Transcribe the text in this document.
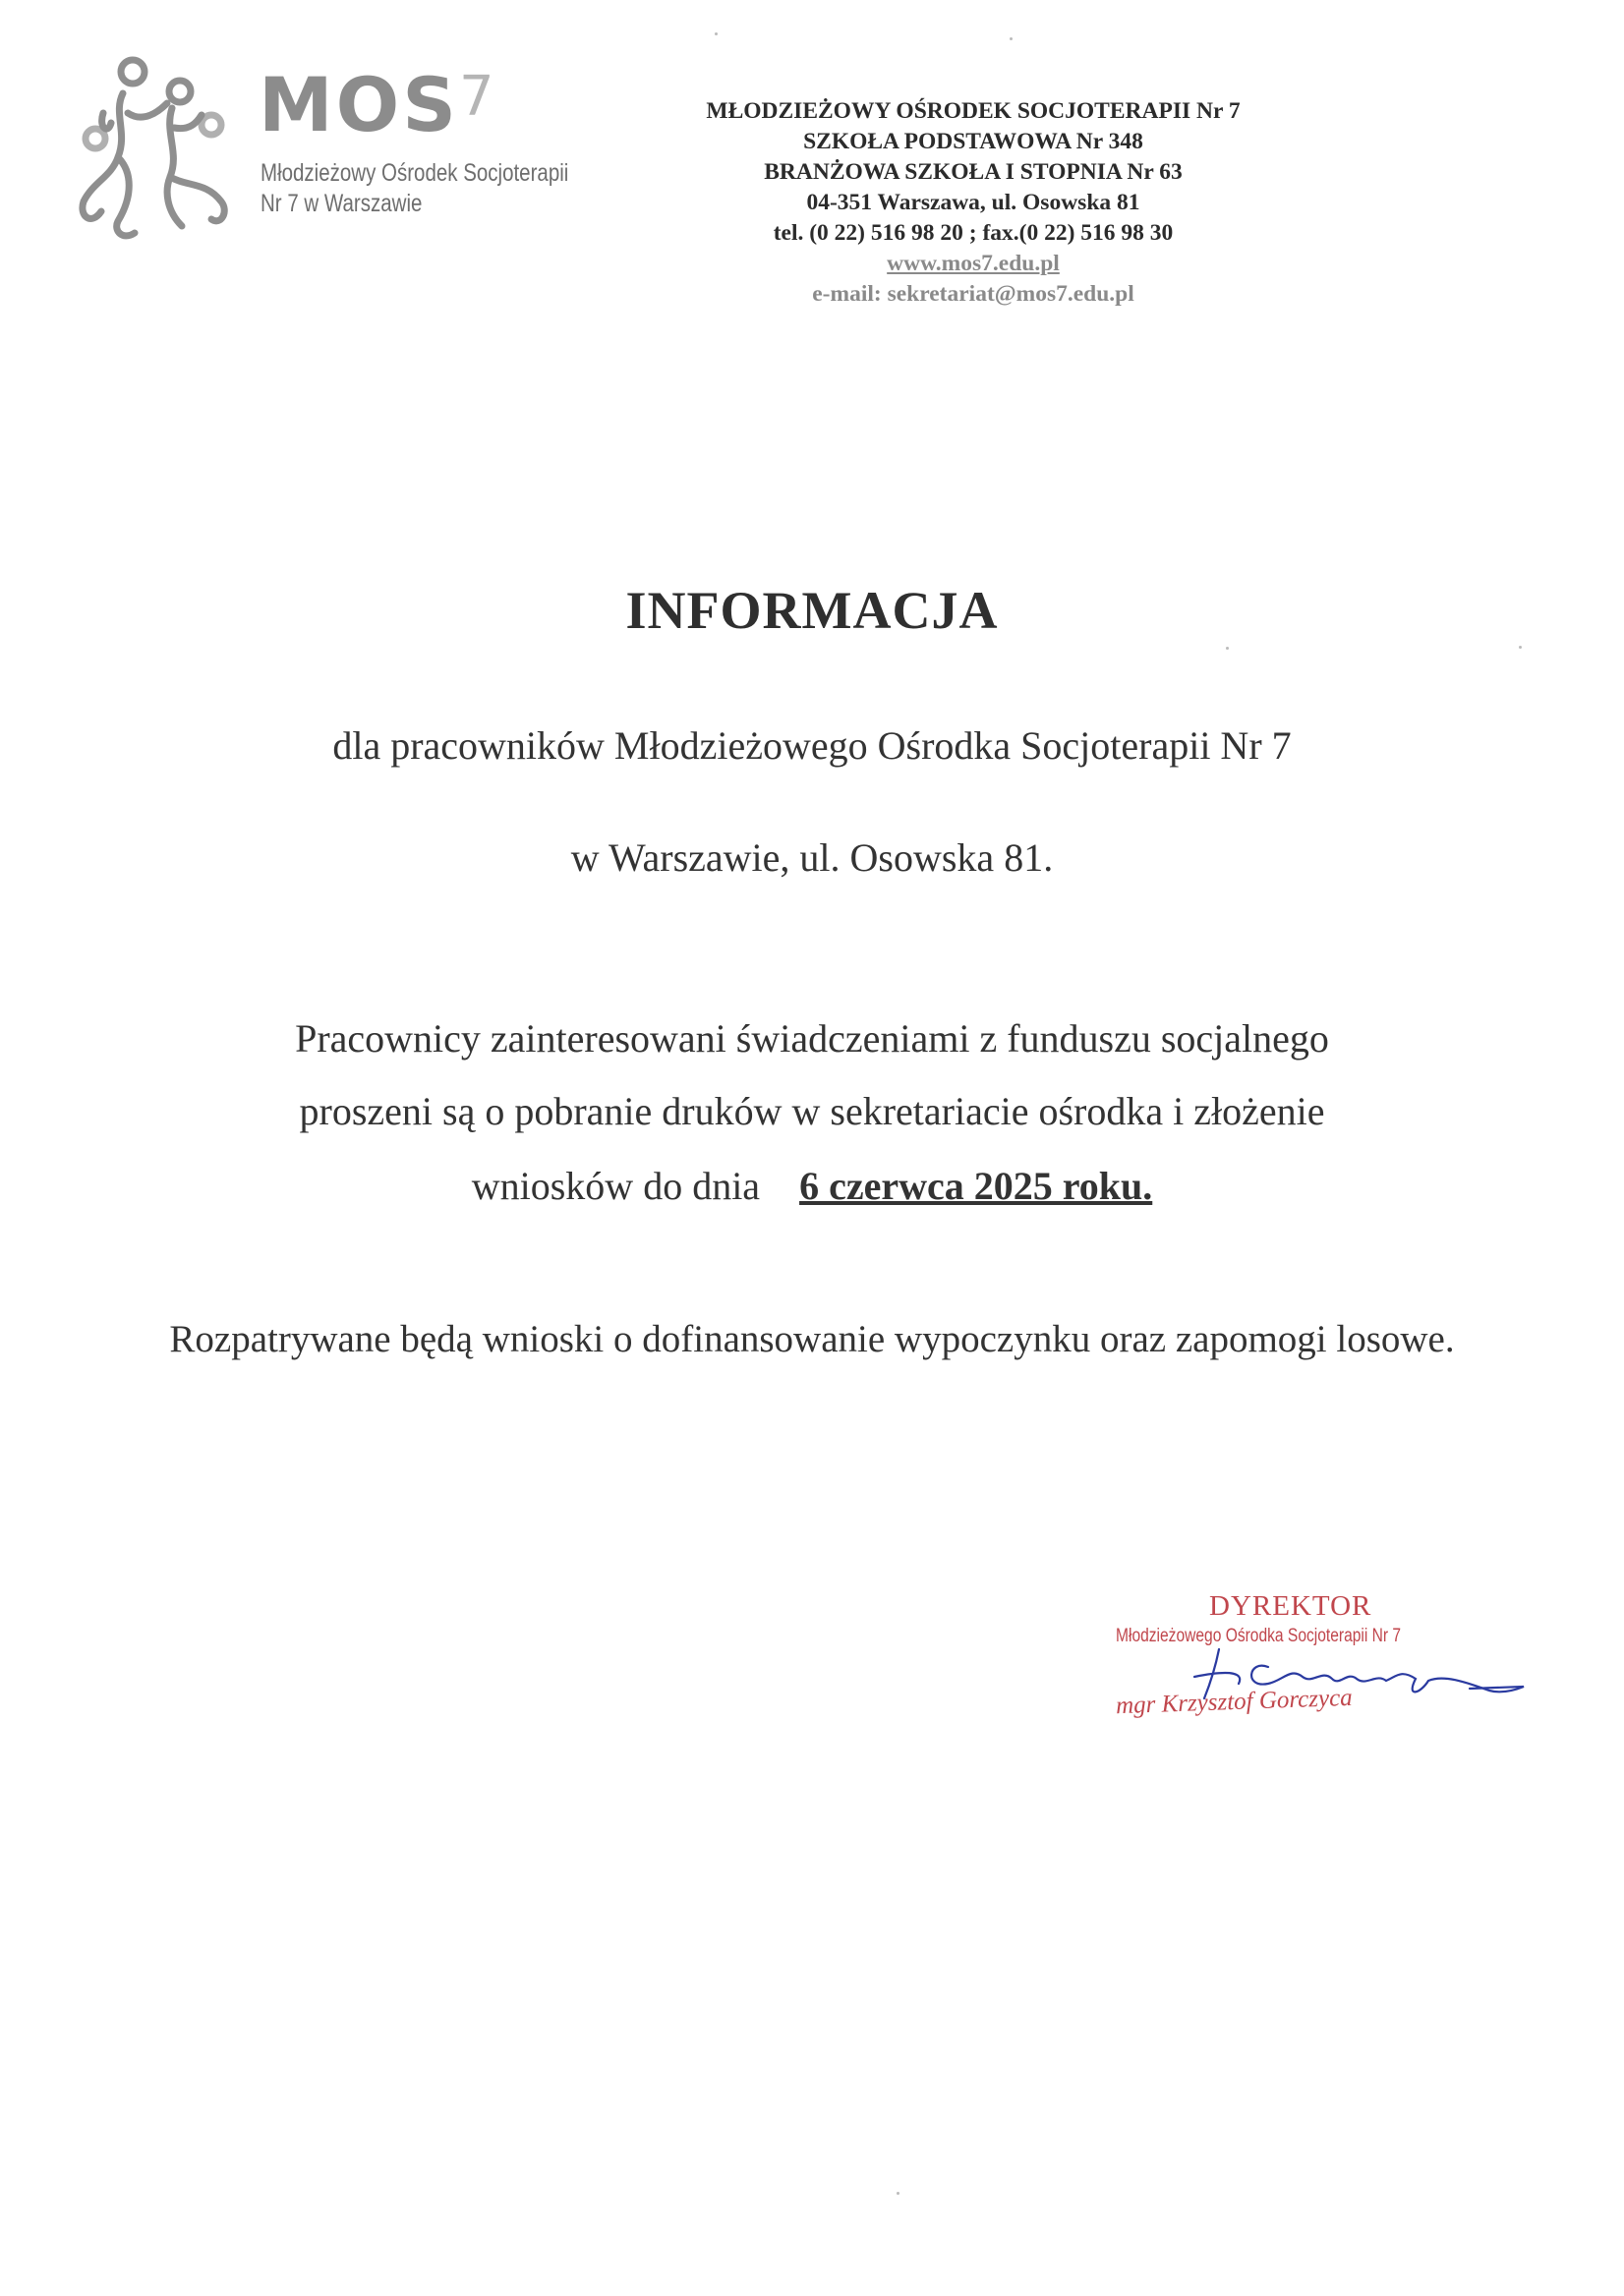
MOS$^7$
Młodzieżowy Ośrodek Socjoterapii
Nr 7 w Warszawie
MŁODZIEŻOWY OŚRODEK SOCJOTERAPII Nr 7
SZKOŁA PODSTAWOWA Nr 348
BRANŻOWA SZKOŁA I STOPNIA Nr 63
04-351 Warszawa, ul. Osowska 81
tel. (0 22) 516 98 20 ; fax.(0 22) 516 98 30
www.mos7.edu.pl
e-mail: sekretariat@mos7.edu.pl
INFORMACJA
dla pracowników Młodzieżowego Ośrodka Socjoterapii Nr 7
w Warszawie, ul. Osowska 81.
Pracownicy zainteresowani świadczeniami z funduszu socjalnego
proszeni są o pobranie druków w sekretariacie ośrodka i złożenie
wniosków do dnia 6 czerwca 2025 roku.
Rozpatrywane będą wnioski o dofinansowanie wypoczynku oraz zapomogi losowe.
DYREKTOR
Młodzieżowego Ośrodka Socjoterapii Nr 7
mgr Krzysztof Gorczyca
